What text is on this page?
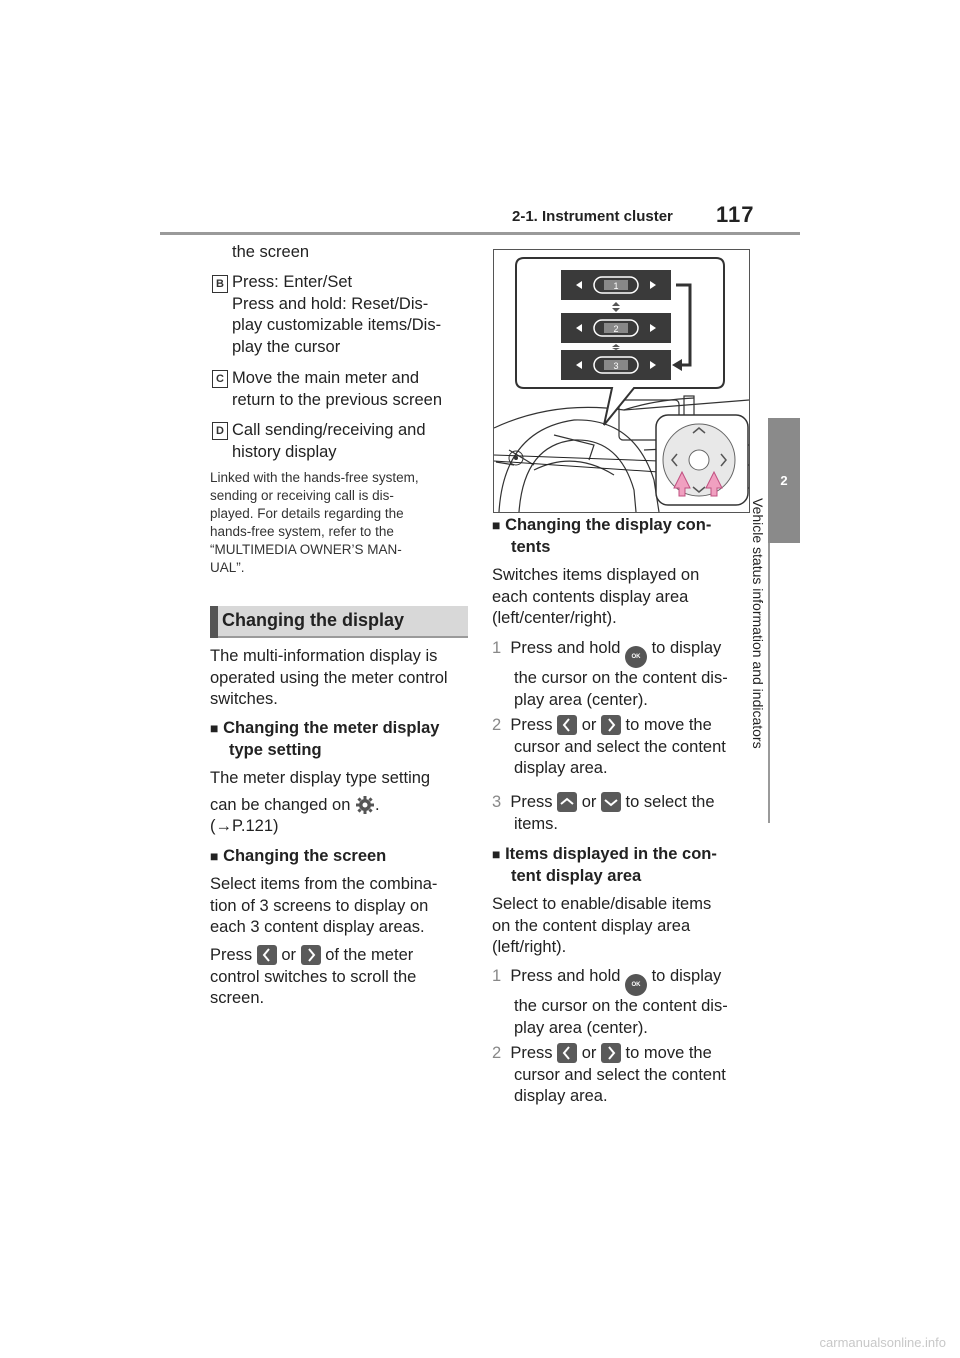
2-1. Instrument cluster 117
2
Vehicle status information and indicators
the screen
B Press: Enter/Set
Press and hold: Reset/Dis-
play customizable items/Dis-
play the cursor
C Move the main meter and
return to the previous screen
D Call sending/receiving and
history display
Linked with the hands-free system,
sending or receiving call is dis-
played. For details regarding the
hands-free system, refer to the
“MULTIMEDIA OWNER’S MAN-
UAL”.
Changing the display
The multi-information display is
operated using the meter control
switches.
■ Changing the meter display
type setting
The meter display type setting
can be changed on
.
(→P.121)
■ Changing the screen
Select items from the combina-
tion of 3 screens to display on
each 3 content display areas.
Press
or
of the meter
control switches to scroll the
screen.
1
2
3
■ Changing the display con-
tents
Switches items displayed on
each contents display area
(left/center/right).
1 Press and hold OK to display
the cursor on the content dis-
play area (center).
2 Press
or
to move the
cursor and select the content
display area.
3 Press
or
to select the
items.
■ Items displayed in the con-
tent display area
Select to enable/disable items
on the content display area
(left/right).
1 Press and hold OK to display
the cursor on the content dis-
play area (center).
2 Press
or
to move the
cursor and select the content
display area.
carmanualsonline.info
